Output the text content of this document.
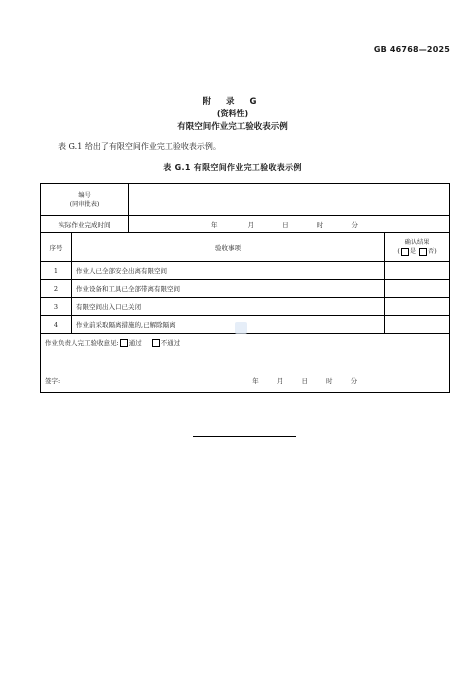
GB 46768—2025
附 录 G
(资料性)
有限空间作业完工验收表示例
表 G.1 给出了有限空间作业完工验收表示例。
表 G.1 有限空间作业完工验收表示例
编号
(同审批表)			

实际作业完成时间		年 月 日 时 分	
序号	验收事项		确认结果
( 是 否)

1	作业人已全部安全出离有限空间		
2	作业设备和工具已全部带离有限空间		
3	有限空间出入口已关闭		
4	作业前采取隔离措施的,已解除隔离		

作业负责人完工验收意见: 通过 不通过
签字: 年 月 日 时 分			
